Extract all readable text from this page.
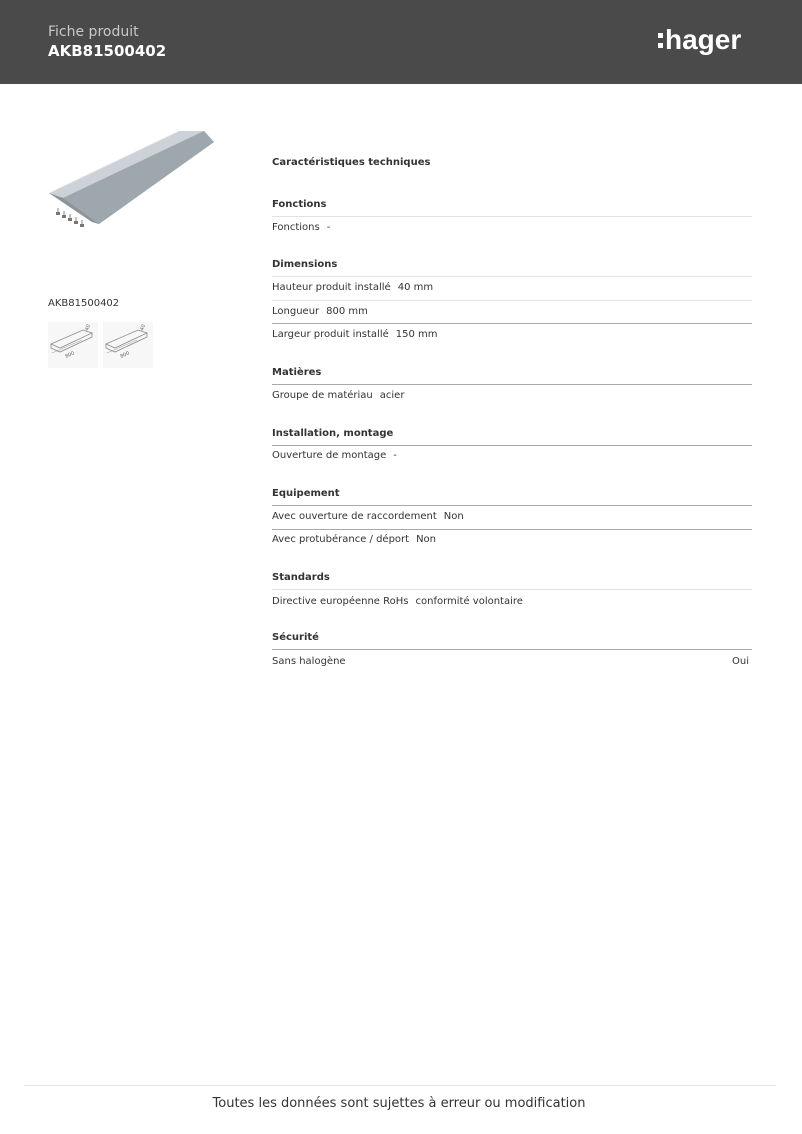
Fiche produit
AKB81500402	hager
AKB81500402
800
40
800
40
Caractéristiques techniques
Fonctions
Fonctions -
Dimensions
Hauteur produit installé 40 mm
Longueur 800 mm
Largeur produit installé 150 mm
Matières
Groupe de matériau acier
Installation, montage
Ouverture de montage -
Equipement
Avec ouverture de raccordement Non
Avec protubérance / déport Non
Standards
Directive européenne RoHs conformité volontaire
Sécurité
Sans halogène	Oui
Toutes les données sont sujettes à erreur ou modification
